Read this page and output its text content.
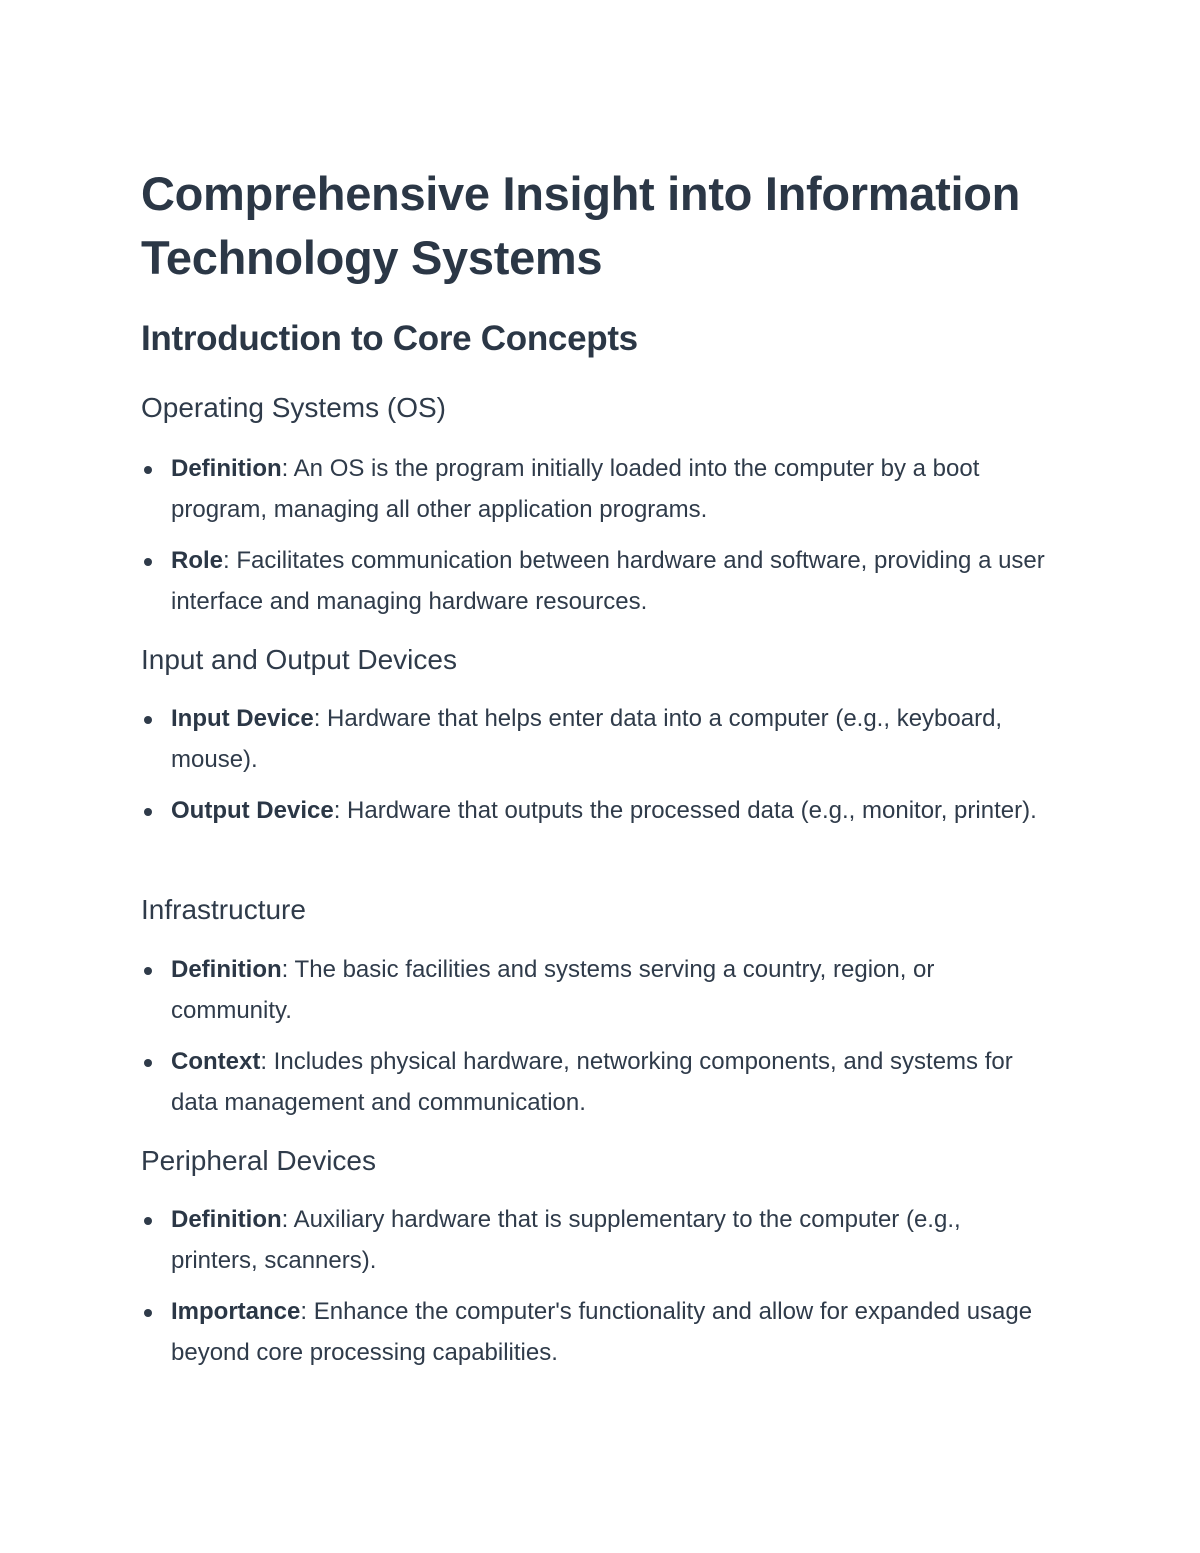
Comprehensive Insight into Information Technology Systems
Introduction to Core Concepts
Operating Systems (OS)
Definition: An OS is the program initially loaded into the computer by a boot program, managing all other application programs.
Role: Facilitates communication between hardware and software, providing a user interface and managing hardware resources.
Input and Output Devices
Input Device: Hardware that helps enter data into a computer (e.g., keyboard, mouse).
Output Device: Hardware that outputs the processed data (e.g., monitor, printer).
Infrastructure
Definition: The basic facilities and systems serving a country, region, or community.
Context: Includes physical hardware, networking components, and systems for data management and communication.
Peripheral Devices
Definition: Auxiliary hardware that is supplementary to the computer (e.g., printers, scanners).
Importance: Enhance the computer's functionality and allow for expanded usage beyond core processing capabilities.
